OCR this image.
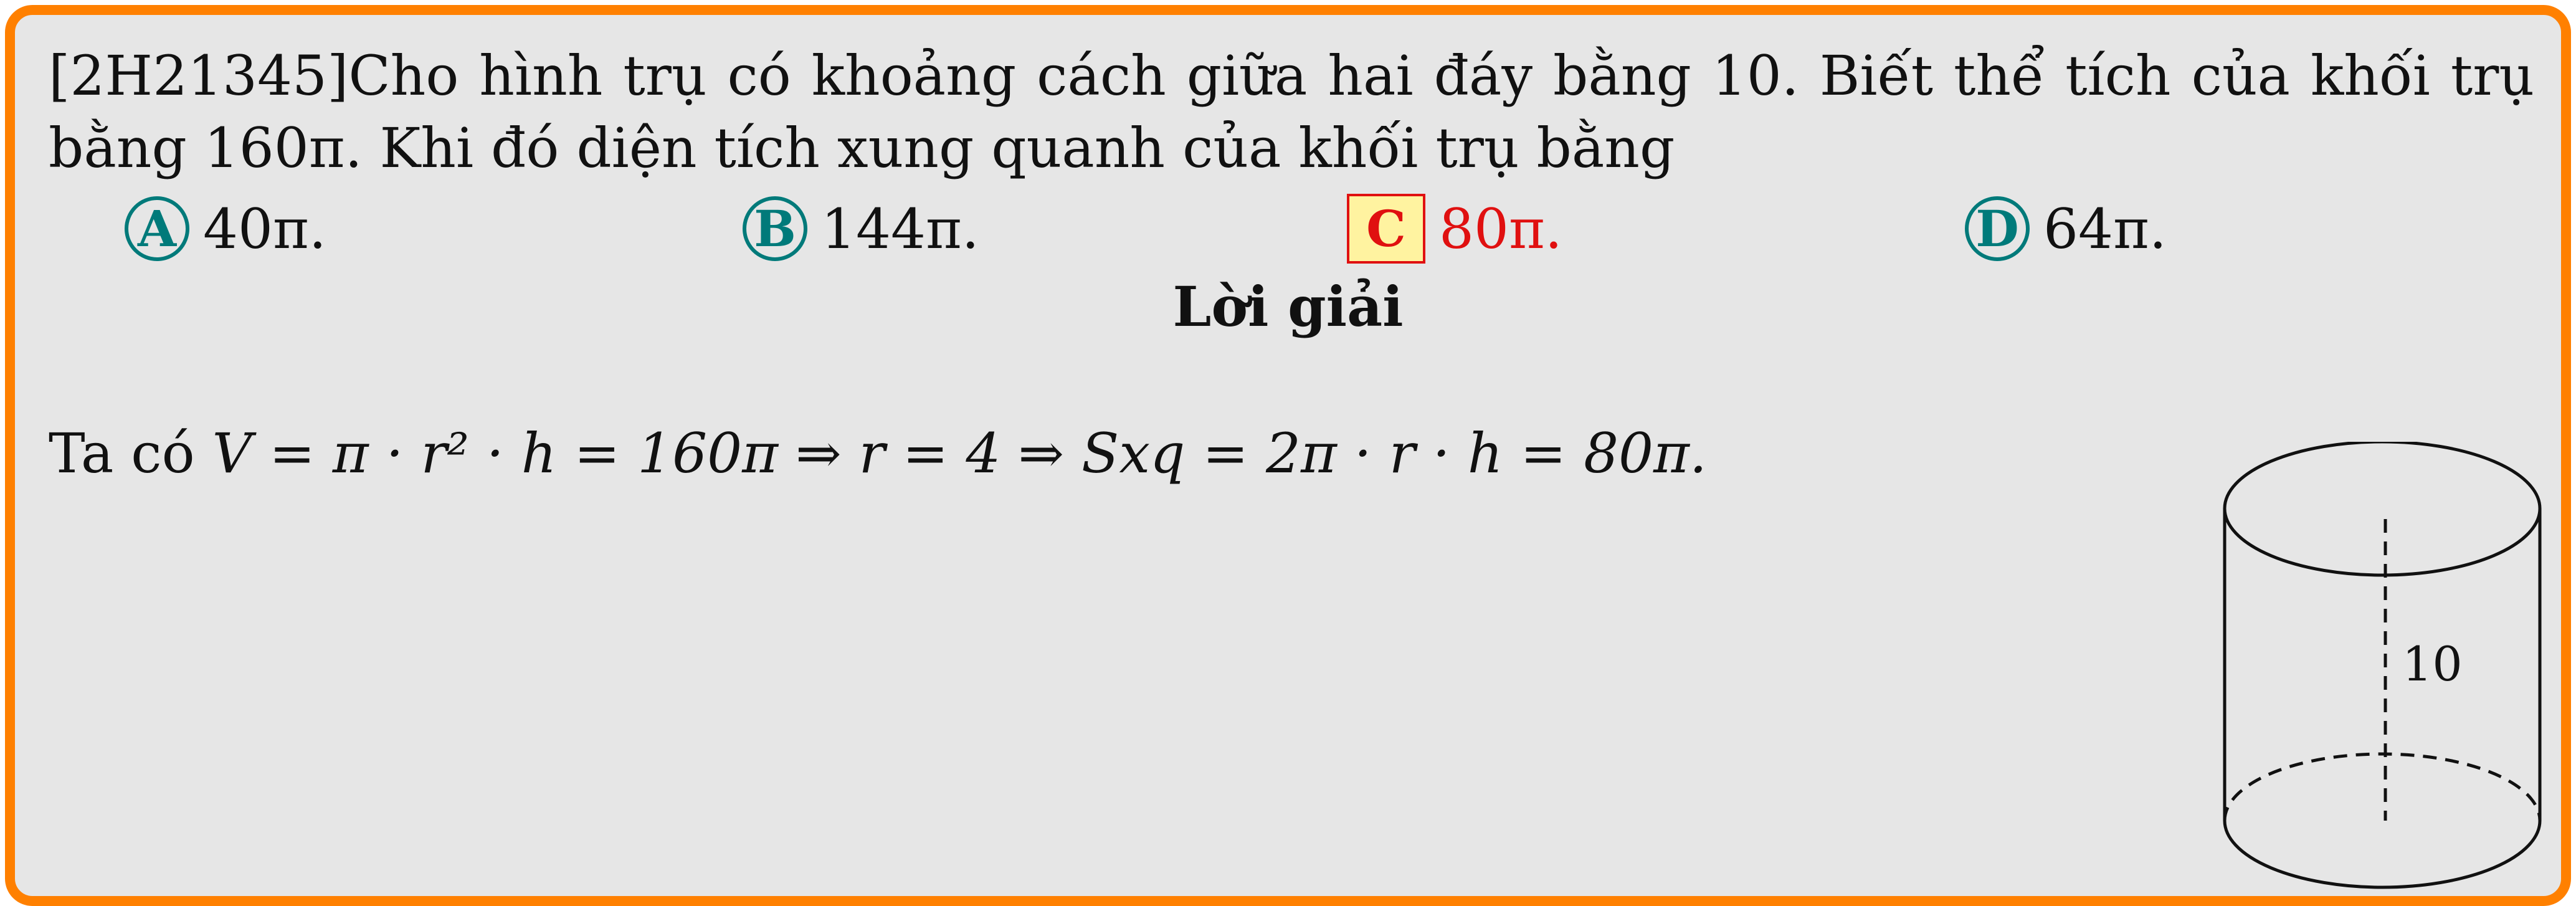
[2H21345]Cho hình trụ có khoảng cách giữa hai đáy bằng 10. Biết thể tích của khối trụ bằng 160π. Khi đó diện tích xung quanh của khối trụ bằng
A 40π.	B 144π.	C 80π.	D 64π.
Lời giải
Ta có V = π · r² · h = 160π ⇒ r = 4 ⇒ Sxq = 2π · r · h = 80π.
10
